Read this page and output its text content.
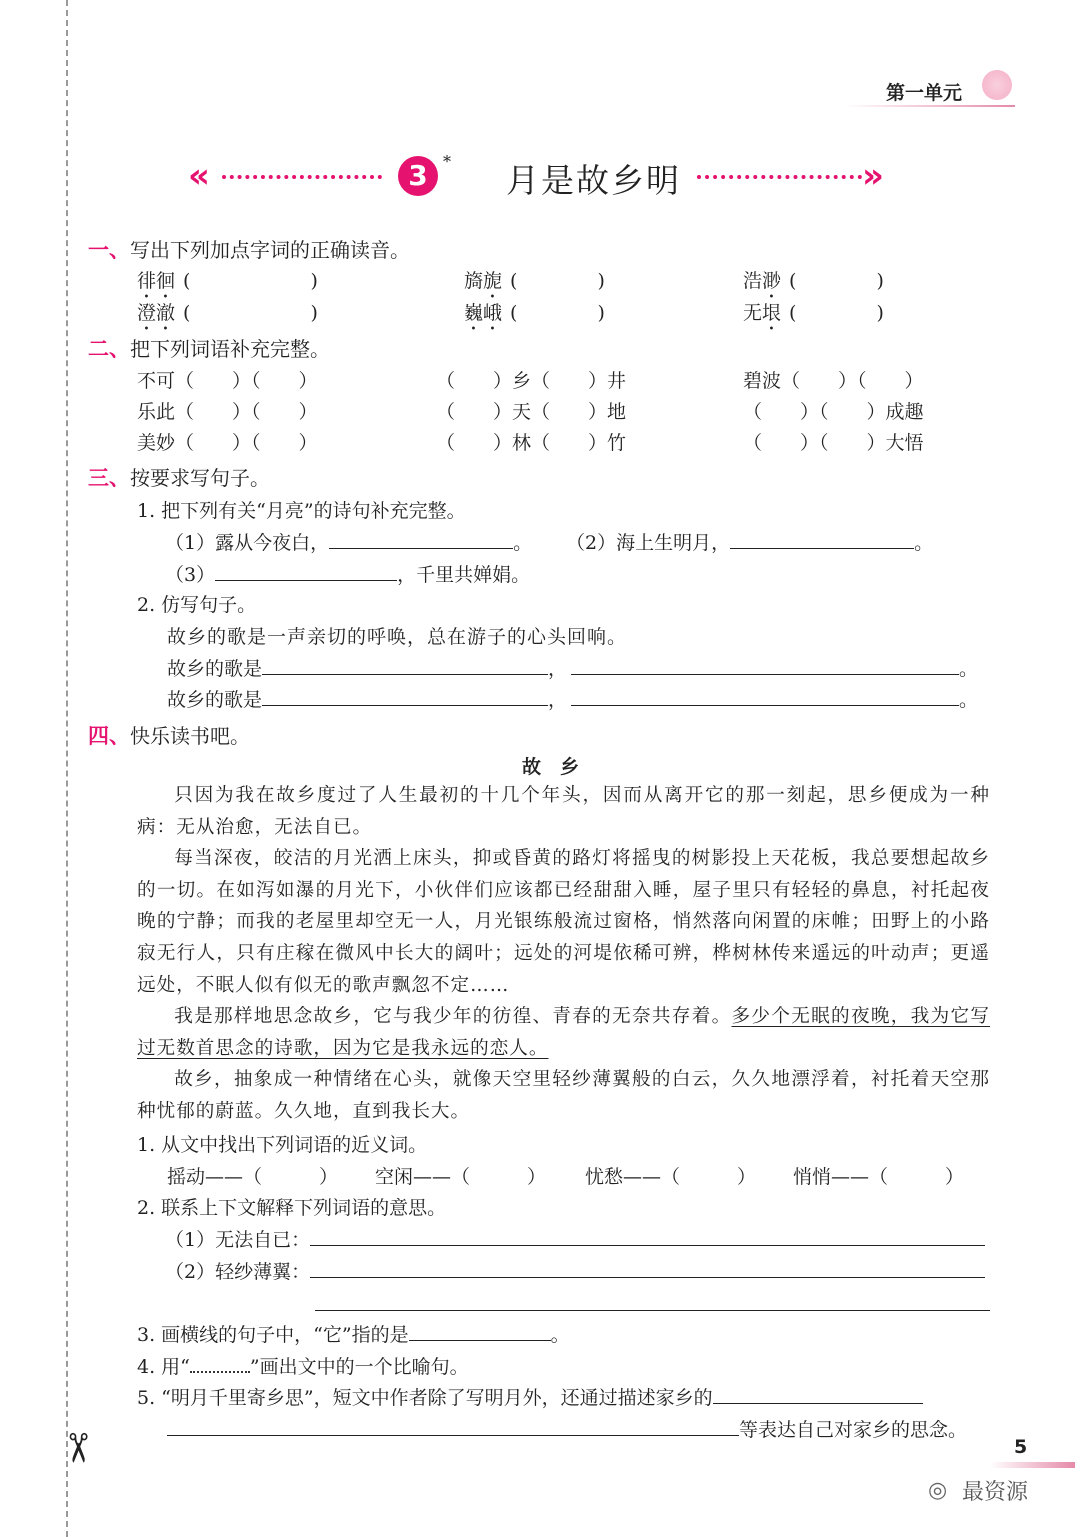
✂
第一单元
«	3 * 月是故乡明	»
一、写出下列加点字词的正确读音。
徘徊 (	)	旖旎 (	)	浩渺 (	)
澄澈 (	)	巍峨 (	)	无垠 (	)
二、把下列词语补充完整。
不可（　　）（　　）	（　　）乡（　　）井	碧波（　　）（　　）
乐此（　　）（　　）	（　　）天（　　）地	（　　）（　　）成趣
美妙（　　）（　　）	（　　）林（　　）竹	（　　）（　　）大悟
三、按要求写句子。
1. 把下列有关“月亮”的诗句补充完整。
（1）露从今夜白，	。 （2）海上生明月，	。
（3）	，千里共婵娟。
2. 仿写句子。
故乡的歌是一声亲切的呼唤，总在游子的心头回响。
故乡的歌是	，	。
故乡的歌是	，	。
四、快乐读书吧。
故　乡
只因为我在故乡度过了人生最初的十几个年头，因而从离开它的那一刻起，思乡便成为一种病：无从治愈，无法自已。
每当深夜，皎洁的月光洒上床头，抑或昏黄的路灯将摇曳的树影投上天花板，我总要想起故乡的一切。在如泻如瀑的月光下，小伙伴们应该都已经甜甜入睡，屋子里只有轻轻的鼻息，衬托起夜晚的宁静；而我的老屋里却空无一人，月光银练般流过窗格，悄然落向闲置的床帷；田野上的小路寂无行人，只有庄稼在微风中长大的阔叶；远处的河堤依稀可辨，桦树林传来遥远的叶动声；更遥远处，不眠人似有似无的歌声飘忽不定……
我是那样地思念故乡，它与我少年的彷徨、青春的无奈共存着。多少个无眠的夜晚，我为它写过无数首思念的诗歌，因为它是我永远的恋人。
故乡，抽象成一种情绪在心头，就像天空里轻纱薄翼般的白云，久久地漂浮着，衬托着天空那种忧郁的蔚蓝。久久地，直到我长大。
1. 从文中找出下列词语的近义词。
摇动——（　　　） 空闲——（　　　） 忧愁——（　　　） 悄悄——（　　　）
2. 联系上下文解释下列词语的意思。
（1）无法自已：
（2）轻纱薄翼：
3. 画横线的句子中，“它”指的是	。
4. 用“	”画出文中的一个比喻句。
5. “明月千里寄乡思”，短文中作者除了写明月外，还通过描述家乡的
等表达自己对家乡的思念。
5
◎ 最资源
